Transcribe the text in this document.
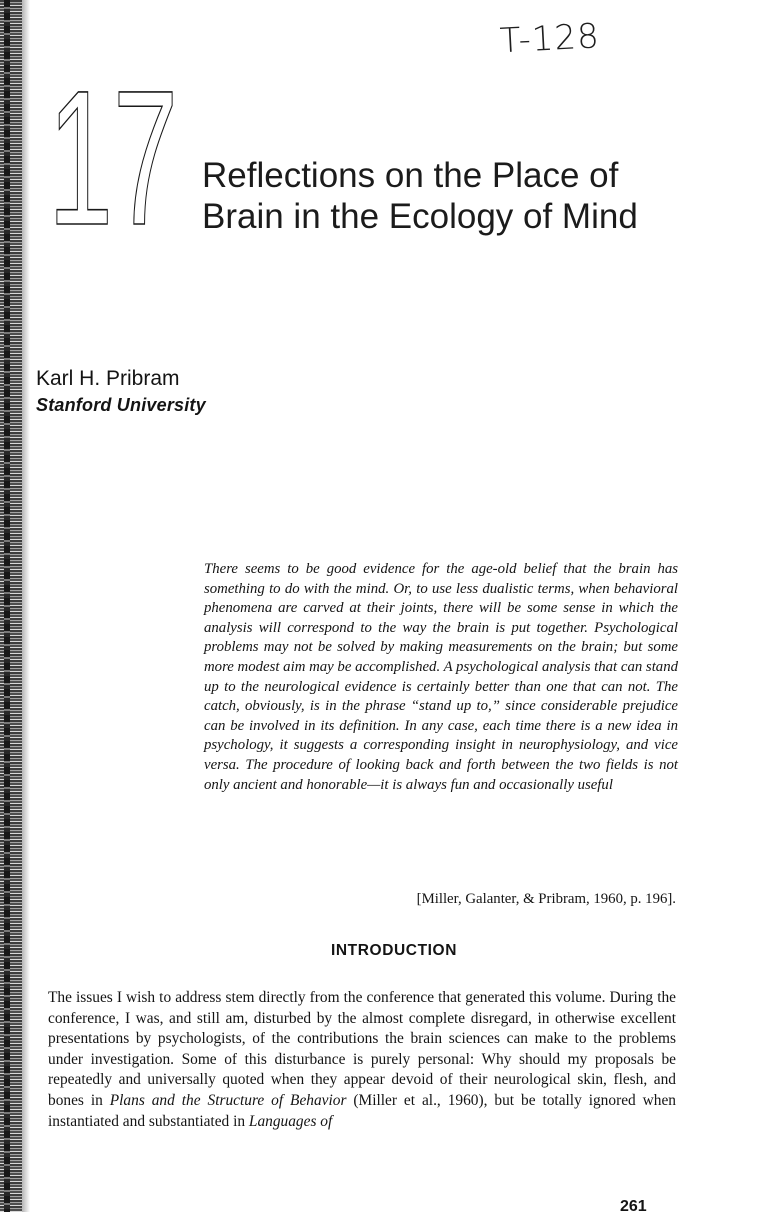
T-128
17 Reflections on the Place of
Brain in the Ecology of Mind
Karl H. Pribram
Stanford University

There seems to be good evidence for the age-old belief that the brain has something to do with the mind. Or, to use less dualistic terms, when behavioral phenomena are carved at their joints, there will be some sense in which the analysis will correspond to the way the brain is put together. Psychological problems may not be solved by making measurements on the brain; but some more modest aim may be accomplished. A psychological analysis that can stand up to the neurological evidence is certainly better than one that can not. The catch, obviously, is in the phrase “stand up to,” since considerable prejudice can be involved in its definition. In any case, each time there is a new idea in psychology, it suggests a corresponding insight in neurophysiology, and vice versa. The procedure of looking back and forth between the two fields is not only ancient and honorable—it is always fun and occasionally useful

[Miller, Galanter, & Pribram, 1960, p. 196].
INTRODUCTION

The issues I wish to address stem directly from the conference that generated this volume. During the conference, I was, and still am, disturbed by the almost complete disregard, in otherwise excellent presentations by psychologists, of the contributions the brain sciences can make to the problems under investigation. Some of this disturbance is purely personal: Why should my proposals be repeatedly and universally quoted when they appear devoid of their neurological skin, flesh, and bones in Plans and the Structure of Behavior (Miller et al., 1960), but be totally ignored when instantiated and substantiated in Languages of

261
